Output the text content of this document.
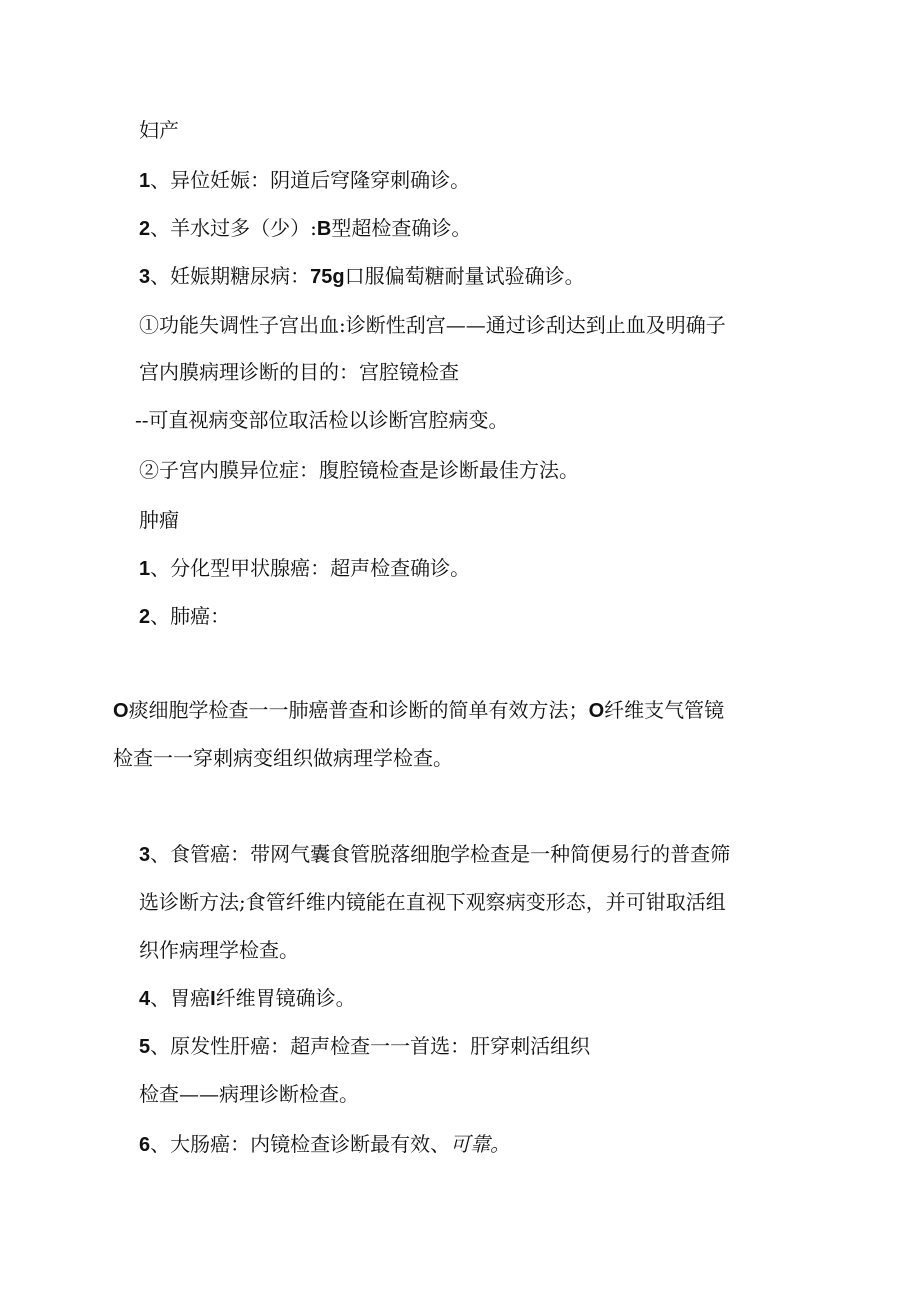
妇产
1、异位妊娠：阴道后穹隆穿刺确诊。
2、羊水过多（少）:B型超检查确诊。
3、妊娠期糖尿病：75g口服偏萄糖耐量试验确诊。
①功能失调性子宫出血:诊断性刮宫——通过诊刮达到止血及明确子
宫内膜病理诊断的目的：宫腔镜检查
--可直视病变部位取活检以诊断宫腔病变。
②子宫内膜异位症：腹腔镜检查是诊断最佳方法。
肿瘤
1、分化型甲状腺癌：超声检查确诊。
2、肺癌：
O痰细胞学检查一一肺癌普查和诊断的简单有效方法；O纤维支气管镜
检查一一穿刺病变组织做病理学检查。
3、食管癌：带网气囊食管脱落细胞学检查是一种简便易行的普查筛
选诊断方法;食管纤维内镜能在直视下观察病变形态，并可钳取活组
织作病理学检查。
4、胃癌I纤维胃镜确诊。
5、原发性肝癌：超声检查一一首选：肝穿刺活组织
检查——病理诊断检查。
6、大肠癌：内镜检查诊断最有效、可靠。
